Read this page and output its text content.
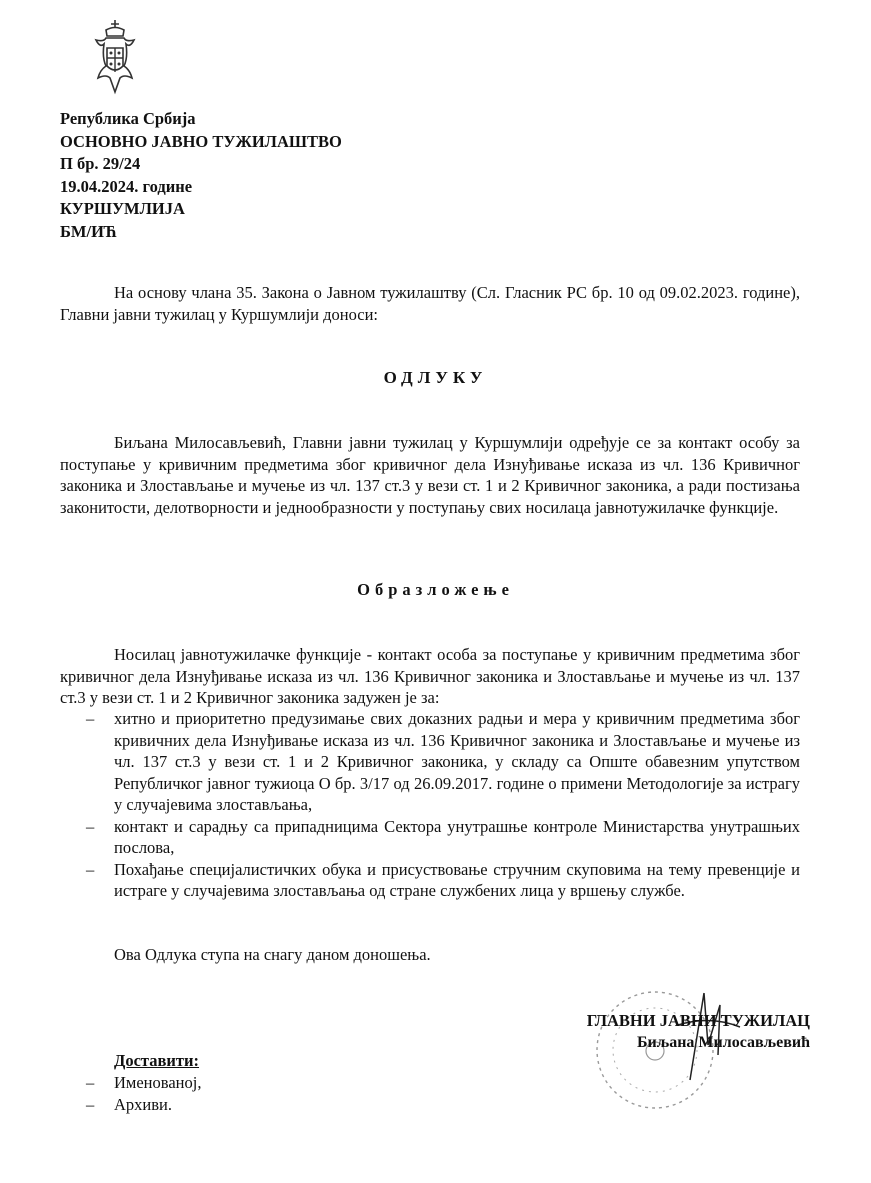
Република Србија
ОСНОВНО ЈАВНО ТУЖИЛАШТВО
П бр. 29/24
19.04.2024. године
КУРШУМЛИЈА
БМ/ИЋ

На основу члана 35. Закона о Јавном тужилаштву (Сл. Гласник РС бр. 10 од 09.02.2023. године), Главни јавни тужилац у Куршумлији доноси:

ОДЛУКУ

Биљана Милосављевић, Главни јавни тужилац у Куршумлији одређује се за контакт особу за поступање у кривичним предметима због кривичног дела Изнуђивање исказа из чл. 136 Кривичног законика и Злостављање и мучење из чл. 137 ст.3 у вези ст. 1 и 2 Кривичног законика, а ради постизања законитости, делотворности и једнообразности у поступању свих носилаца јавнотужилачке функције.

Образложење

Носилац јавнотужилачке функције - контакт особа за поступање у кривичним предметима због кривичног дела Изнуђивање исказа из чл. 136 Кривичног законика и Злостављање и мучење из чл. 137 ст.3 у вези ст. 1 и 2 Кривичног законика задужен је за:

– хитно и приоритетно предузимање свих доказних радњи и мера у кривичним предметима због кривичних дела Изнуђивање исказа из чл. 136 Кривичног законика и Злостављање и мучење из чл. 137 ст.3 у вези ст. 1 и 2 Кривичног законика, у складу са Опште обавезним упутством Републичког јавног тужиоца О бр. 3/17 од 26.09.2017. године о примени Методологије за истрагу у случајевима злостављања,
– контакт и сарадњу са припадницима Сектора унутрашње контроле Министарства унутрашњих послова,
– Похађање специјалистичких обука и присуствовање стручним скуповима на тему превенције и истраге у случајевима злостављања од стране службених лица у вршењу службе.

Ова Одлука ступа на снагу даном доношења.

ГЛАВНИ ЈАВНИ ТУЖИЛАЦ
Биљана Милосављевић
Доставити:
– Именованој,
– Архиви.
